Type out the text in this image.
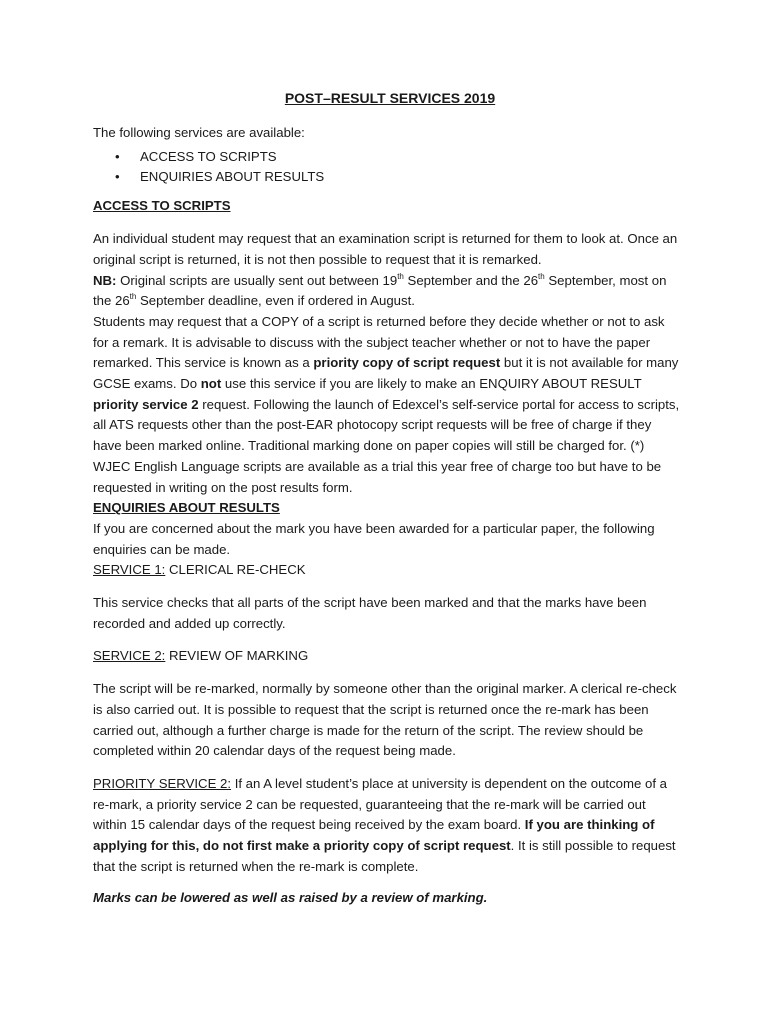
POST–RESULT SERVICES 2019

The following services are available:

• ACCESS TO SCRIPTS
• ENQUIRIES ABOUT RESULTS

ACCESS TO SCRIPTS

An individual student may request that an examination script is returned for them to look at. Once an original script is returned, it is not then possible to request that it is remarked.

NB: Original scripts are usually sent out between 19th September and the 26th September, most on the 26th September deadline, even if ordered in August.

Students may request that a COPY of a script is returned before they decide whether or not to ask for a remark. It is advisable to discuss with the subject teacher whether or not to have the paper remarked. This service is known as a priority copy of script request but it is not available for many GCSE exams. Do not use this service if you are likely to make an ENQUIRY ABOUT RESULT priority service 2 request. Following the launch of Edexcel’s self-service portal for access to scripts, all ATS requests other than the post-EAR photocopy script requests will be free of charge if they have been marked online. Traditional marking done on paper copies will still be charged for. (*) WJEC English Language scripts are available as a trial this year free of charge too but have to be requested in writing on the post results form.

ENQUIRIES ABOUT RESULTS

If you are concerned about the mark you have been awarded for a particular paper, the following enquiries can be made.

SERVICE 1: CLERICAL RE-CHECK

This service checks that all parts of the script have been marked and that the marks have been recorded and added up correctly.

SERVICE 2: REVIEW OF MARKING

The script will be re-marked, normally by someone other than the original marker. A clerical re-check is also carried out. It is possible to request that the script is returned once the re-mark has been carried out, although a further charge is made for the return of the script. The review should be completed within 20 calendar days of the request being made.

PRIORITY SERVICE 2: If an A level student’s place at university is dependent on the outcome of a re-mark, a priority service 2 can be requested, guaranteeing that the re-mark will be carried out within 15 calendar days of the request being received by the exam board. If you are thinking of applying for this, do not first make a priority copy of script request. It is still possible to request that the script is returned when the re-mark is complete.

Marks can be lowered as well as raised by a review of marking.
